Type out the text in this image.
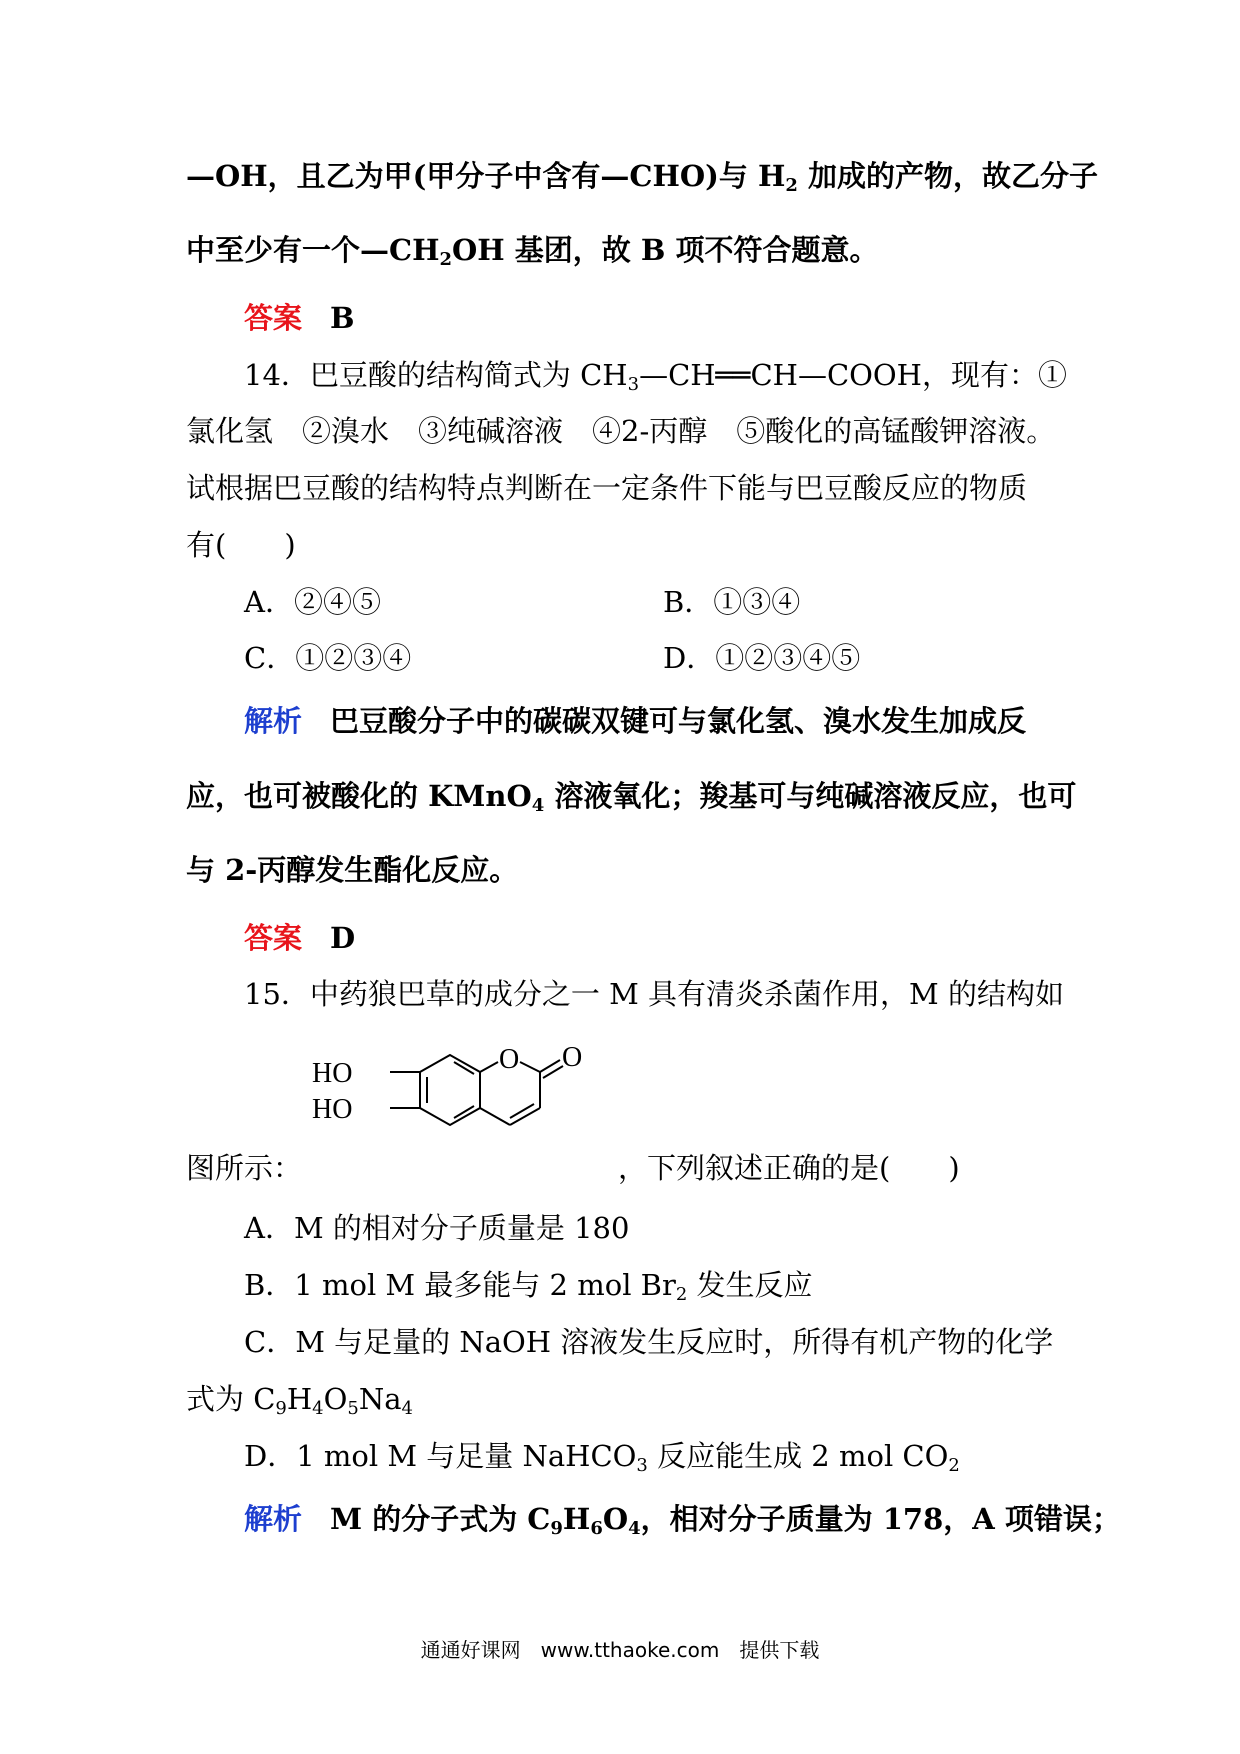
—OH，且乙为甲(甲分子中含有—CHO)与 $H_2$ 加成的产物，故乙分子
中至少有一个$—CH_2OH$ 基团，故 B 项不符合题意。
答案 B
14．巴豆酸的结构简式为 $CH_3—CH══CH—COOH$，现有：①
氯化氢　②溴水　③纯碱溶液　④2-丙醇　⑤酸化的高锰酸钾溶液。
试根据巴豆酸的结构特点判断在一定条件下能与巴豆酸反应的物质
有(　　)
A．②④⑤	B．①③④
C．①②③④	D．①②③④⑤
解析 巴豆酸分子中的碳碳双键可与氯化氢、溴水发生加成反
应，也可被酸化的 KMnO$_4$ 溶液氧化；羧基可与纯碱溶液反应，也可
与 2-丙醇发生酯化反应。
答案 D
15．中药狼巴草的成分之一 M 具有清炎杀菌作用，M 的结构如
HO
HO
O O
图所示：	，下列叙述正确的是(　　)
A．M 的相对分子质量是 180
B．1 mol M 最多能与 2 mol $Br_2$ 发生反应
C．M 与足量的 NaOH 溶液发生反应时，所得有机产物的化学
式为 $C_9H_4O_5Na_4$
D．1 mol M 与足量 NaHCO$_3$ 反应能生成 2 mol $CO_2$
解析 M 的分子式为 $C_9H_6O_4$，相对分子质量为 178，A 项错误；
通通好课网　www.tthaoke.com　提供下载
